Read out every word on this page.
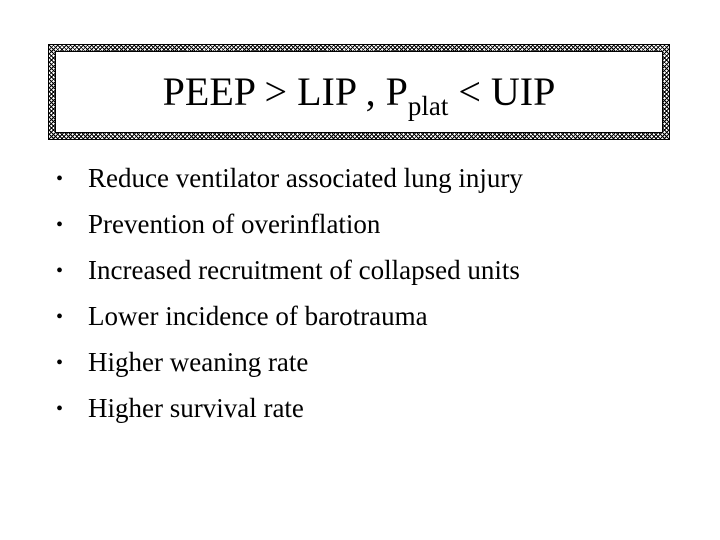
PEEP > LIP , $P_{plat}$ < UIP
• Reduce ventilator associated lung injury
• Prevention of overinflation
• Increased recruitment of collapsed units
• Lower incidence of barotrauma
• Higher weaning rate
• Higher survival rate
